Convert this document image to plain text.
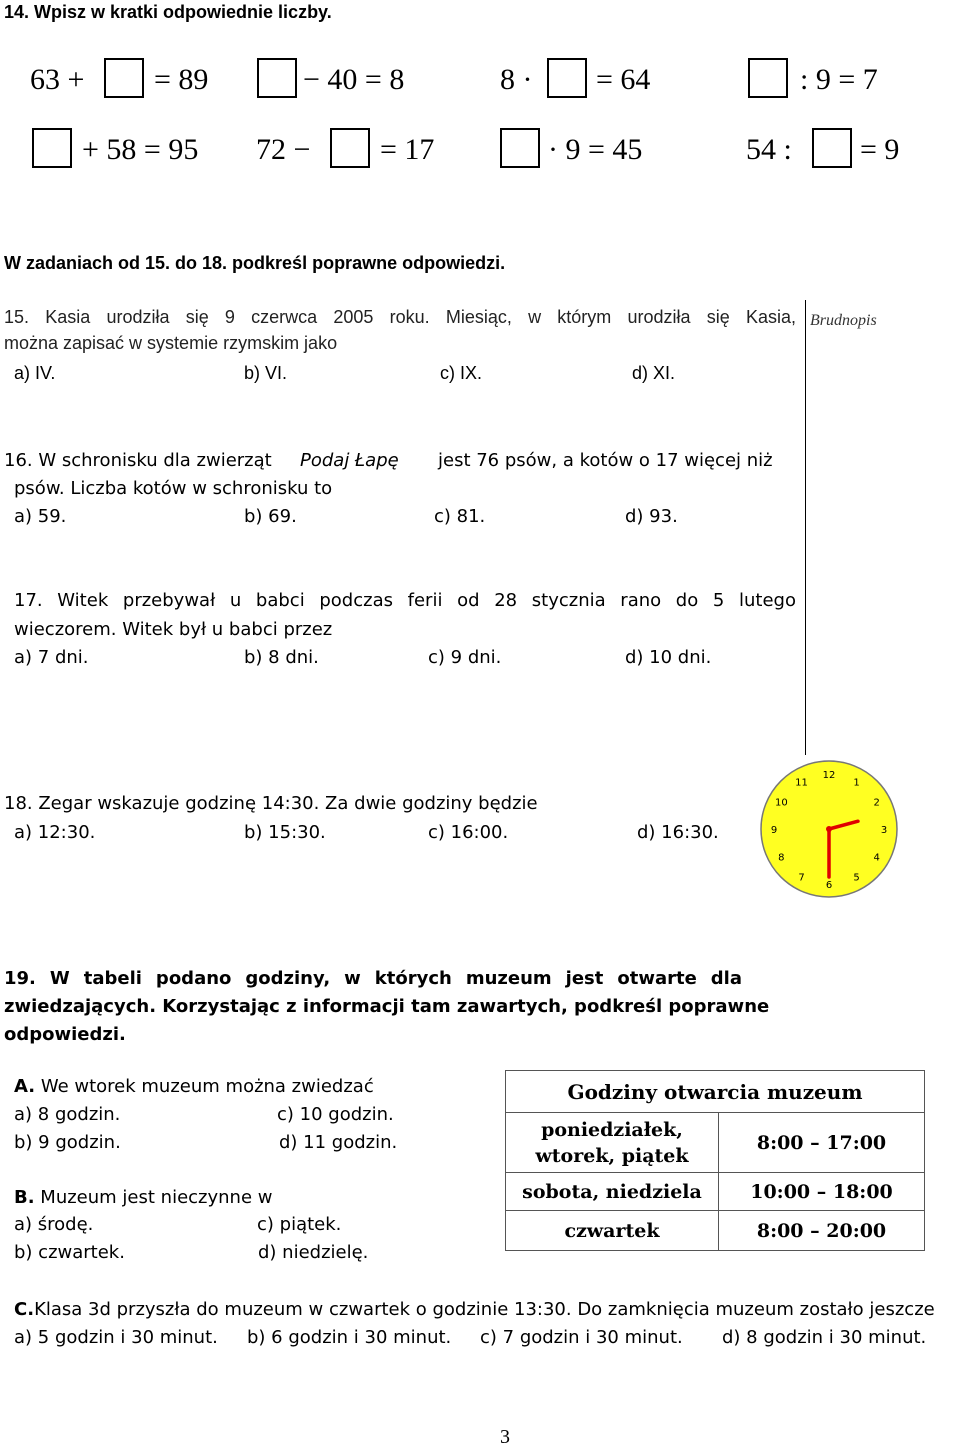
14. Wpisz w kratki odpowiednie liczby.
63 + = 89	− 40 = 8	8 · = 64	: 9 = 7
+ 58 = 95 72 − = 17	· 9 = 45	54 : = 9
W zadaniach od 15. do 18. podkreśl poprawne odpowiedzi.
Brudnopis
15. Kasia urodziła się 9 czerwca 2005 roku. Miesiąc, w którym urodziła się Kasia,
można zapisać w systemie rzymskim jako
a) IV.	b) VI.	c) IX.	d) XI.
16. W schronisku dla zwierząt Podaj Łapę jest 76 psów, a kotów o 17 więcej niż
psów. Liczba kotów w schronisku to
a) 59.	b) 69.	c) 81.	d) 93.
17. Witek przebywał u babci podczas ferii od 28 stycznia rano do 5 lutego
wieczorem. Witek był u babci przez
a) 7 dni.	b) 8 dni.	c) 9 dni.	d) 10 dni.
18. Zegar wskazuje godzinę 14:30. Za dwie godziny będzie
a) 12:30.	b) 15:30.	c) 16:00.	d) 16:30.
12
1
2
3
4
5
6
7
8
9
10
11
19. W tabeli podano godziny, w których muzeum jest otwarte dla
zwiedzających. Korzystając z informacji tam zawartych, podkreśl poprawne
odpowiedzi.
A. We wtorek muzeum można zwiedzać
a) 8 godzin.	c) 10 godzin.
b) 9 godzin.	d) 11 godzin.
B. Muzeum jest nieczynne w
a) środę.	c) piątek.
b) czwartek.	d) niedzielę.
Godziny otwarcia muzeum	

poniedziałek,
wtorek, piątek	8:00 – 17:00
sobota, niedziela	10:00 – 18:00
czwartek	8:00 – 20:00
C.Klasa 3d przyszła do muzeum w czwartek o godzinie 13:30. Do zamknięcia muzeum zostało jeszcze
a) 5 godzin i 30 minut. b) 6 godzin i 30 minut. c) 7 godzin i 30 minut. d) 8 godzin i 30 minut.
3
